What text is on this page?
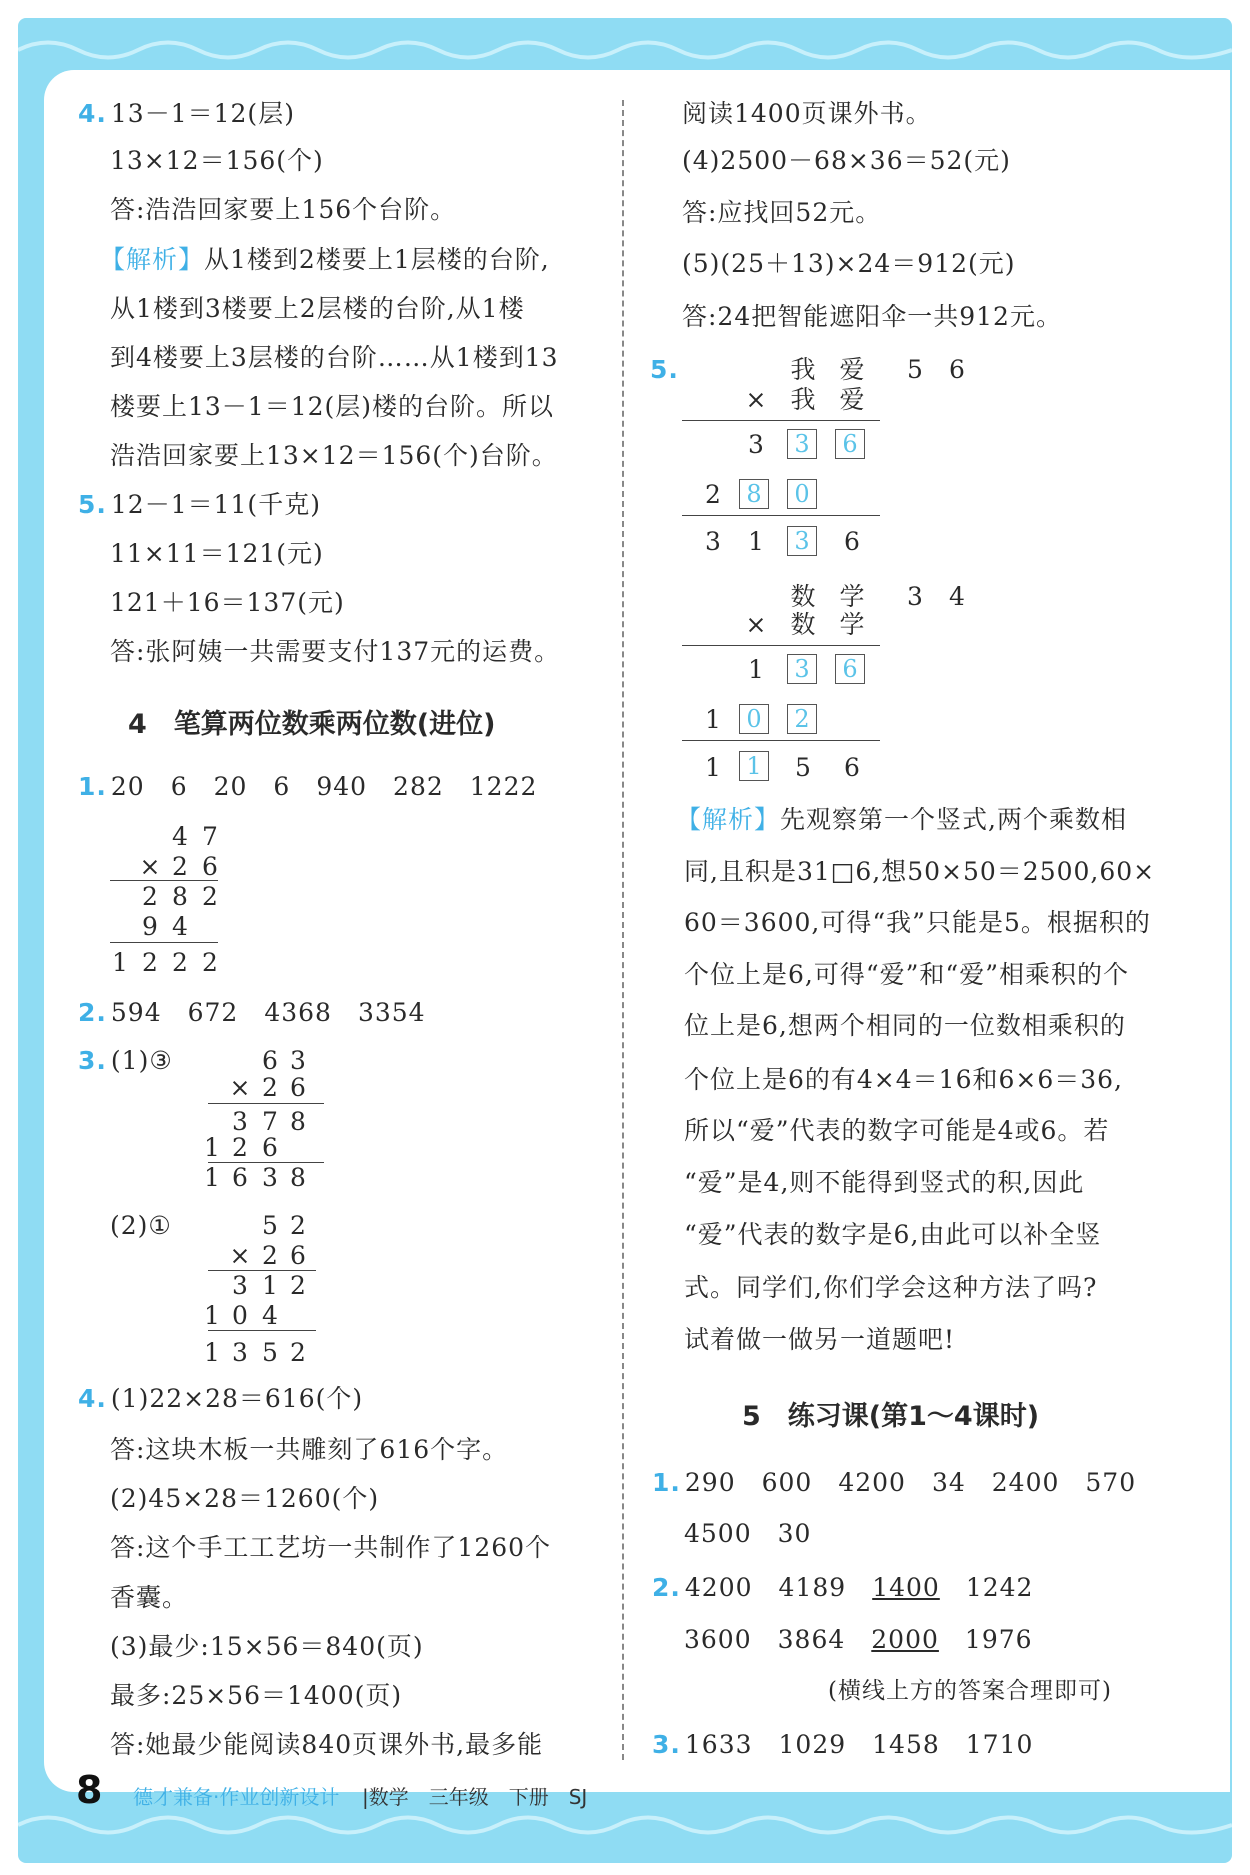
4. 13－1＝12(层)
13×12＝156(个)
答:浩浩回家要上156个台阶。
【解析】从1楼到2楼要上1层楼的台阶,
从1楼到3楼要上2层楼的台阶,从1楼
到4楼要上3层楼的台阶……从1楼到13
楼要上13－1＝12(层)楼的台阶。所以
浩浩回家要上13×12＝156(个)台阶。
5. 12－1＝11(千克)
11×11＝121(元)
121＋16＝137(元)
答:张阿姨一共需要支付137元的运费。
4　笔算两位数乘两位数(进位)
1. 20　6　20　6　940　282　1222
4 7
× 2 6
2 8 2
9 4
1 2 2 2
2. 594　672　4368　3354
3. (1)③	6 3
× 2 6
3 7 8
1 2 6
1 6 3 8
(2)①	5 2
× 2 6
3 1 2
1 0 4
1 3 5 2
4. (1)22×28＝616(个)
答:这块木板一共雕刻了616个字。
(2)45×28＝1260(个)
答:这个手工工艺坊一共制作了1260个
香囊。
(3)最少:15×56＝840(页)
最多:25×56＝1400(页)
答:她最少能阅读840页课外书,最多能
阅读1400页课外书。
(4)2500－68×36＝52(元)
答:应找回52元。
(5)(25＋13)×24＝912(元)
答:24把智能遮阳伞一共912元。
5.	我 爱 5 6
× 我 爱
3	3	6
2	8	0
3 1	3 6
数 学 3 4
× 数 学
1	3	6
1	0	2
1	1 5 6
【解析】先观察第一个竖式,两个乘数相
同,且积是31□6,想50×50＝2500,60×
60＝3600,可得“我”只能是5。根据积的
个位上是6,可得“爱”和“爱”相乘积的个
位上是6,想两个相同的一位数相乘积的
个位上是6的有4×4＝16和6×6＝36,
所以“爱”代表的数字可能是4或6。若
“爱”是4,则不能得到竖式的积,因此
“爱”代表的数字是6,由此可以补全竖
式。同学们,你们学会这种方法了吗?
试着做一做另一道题吧!
5　练习课(第1～4课时)
1. 290　600　4200　34　2400　570
4500　30
2. 4200　 4189　 1400　 1242
3600　 3864　 2000　 1976
(横线上方的答案合理即可)
3. 1633　1029　1458　1710
8 德才兼备·作业创新设计 |数学　三年级　下册　SJ
